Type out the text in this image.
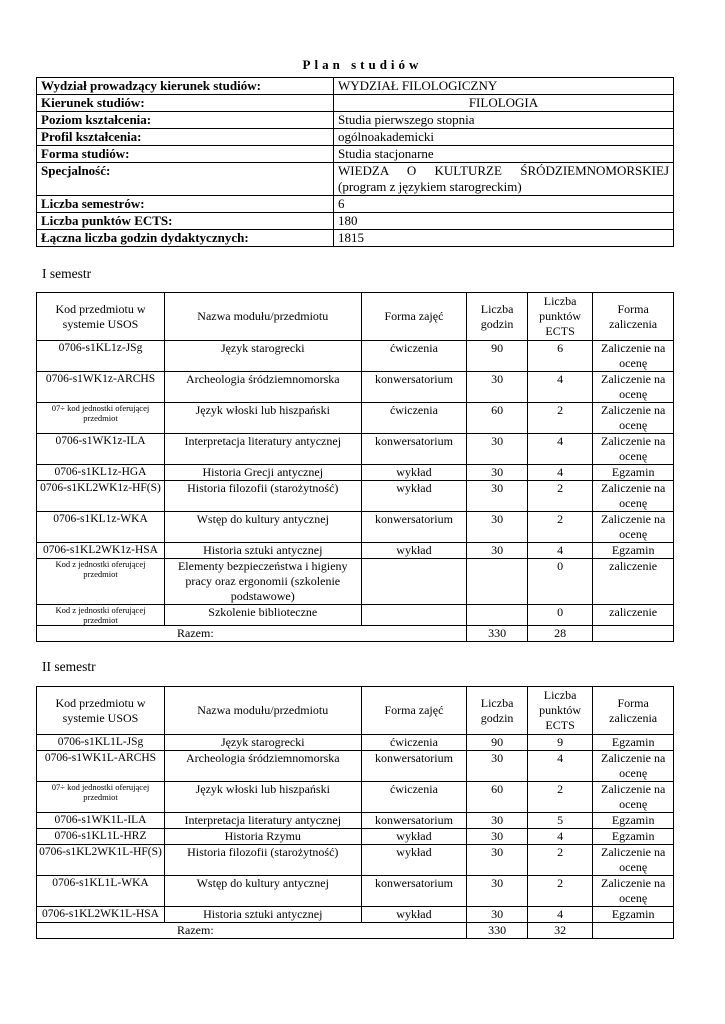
Plan studiów
Wydział prowadzący kierunek studiów:	WYDZIAŁ FILOLOGICZNY
Kierunek studiów:	FILOLOGIA
Poziom kształcenia:	Studia pierwszego stopnia
Profil kształcenia:	ogólnoakademicki
Forma studiów:	Studia stacjonarne
Specjalność:	WIEDZA O KULTURZE ŚRÓDZIEMNOMORSKIEJ
(program z językiem starogreckim)

Liczba semestrów:	6
Liczba punktów ECTS:	180
Łączna liczba godzin dydaktycznych:	1815
I semestr
Kod przedmiotu w systemie USOS	Nazwa modułu/przedmiotu	Forma zajęć	Liczba godzin	Liczba punktów ECTS	Forma zaliczenia
0706-s1KL1z-JSg	Język starogrecki	ćwiczenia	90	6	Zaliczenie na ocenę
0706-s1WK1z-ARCHS	Archeologia śródziemnomorska	konwersatorium	30	4	Zaliczenie na ocenę
07÷ kod jednostki oferującej przedmiot	Język włoski lub hiszpański	ćwiczenia	60	2	Zaliczenie na ocenę
0706-s1WK1z-ILA	Interpretacja literatury antycznej	konwersatorium	30	4	Zaliczenie na ocenę
0706-s1KL1z-HGA	Historia Grecji antycznej	wykład	30	4	Egzamin
0706-s1KL2WK1z-HF(S)	Historia filozofii (starożytność)	wykład	30	2	Zaliczenie na ocenę
0706-s1KL1z-WKA	Wstęp do kultury antycznej	konwersatorium	30	2	Zaliczenie na ocenę
0706-s1KL2WK1z-HSA	Historia sztuki antycznej	wykład	30	4	Egzamin
Kod z jednostki oferującej przedmiot	Elementy bezpieczeństwa i higieny pracy oraz ergonomii (szkolenie podstawowe)			0	zaliczenie
Kod z jednostki oferującej przedmiot	Szkolenie biblioteczne			0	zaliczenie
Razem:			330	28	
II semestr
Kod przedmiotu w systemie USOS	Nazwa modułu/przedmiotu	Forma zajęć	Liczba godzin	Liczba punktów ECTS	Forma zaliczenia
0706-s1KL1L-JSg	Język starogrecki	ćwiczenia	90	9	Egzamin
0706-s1WK1L-ARCHS	Archeologia śródziemnomorska	konwersatorium	30	4	Zaliczenie na ocenę
07÷ kod jednostki oferującej przedmiot	Język włoski lub hiszpański	ćwiczenia	60	2	Zaliczenie na ocenę
0706-s1WK1L-ILA	Interpretacja literatury antycznej	konwersatorium	30	5	Egzamin
0706-s1KL1L-HRZ	Historia Rzymu	wykład	30	4	Egzamin
0706-s1KL2WK1L-HF(S)	Historia filozofii (starożytność)	wykład	30	2	Zaliczenie na ocenę
0706-s1KL1L-WKA	Wstęp do kultury antycznej	konwersatorium	30	2	Zaliczenie na ocenę
0706-s1KL2WK1L-HSA	Historia sztuki antycznej	wykład	30	4	Egzamin
Razem:			330	32	
